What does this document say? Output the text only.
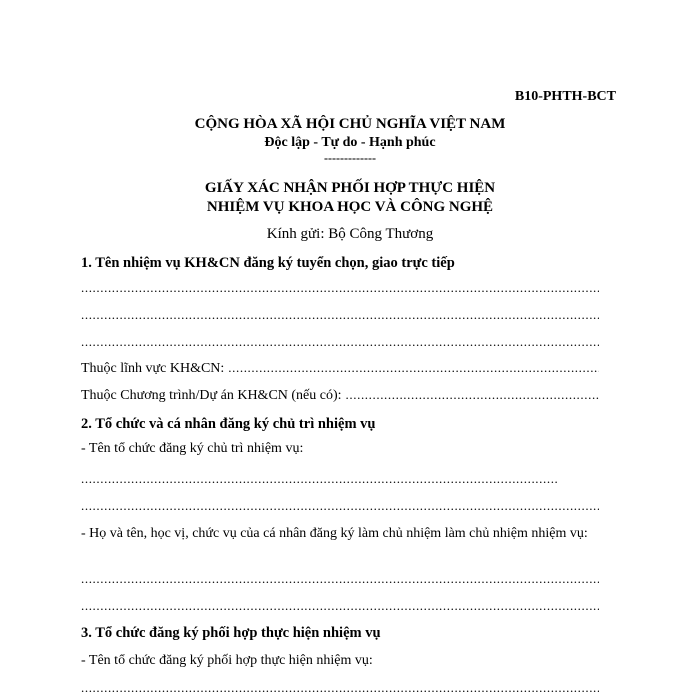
B10-PHTH-BCT
CỘNG HÒA XÃ HỘI CHỦ NGHĨA VIỆT NAM
Độc lập - Tự do - Hạnh phúc
-------------
GIẤY XÁC NHẬN PHỐI HỢP THỰC HIỆN
NHIỆM VỤ KHOA HỌC VÀ CÔNG NGHỆ
Kính gửi: Bộ Công Thương
1. Tên nhiệm vụ KH&CN đăng ký tuyển chọn, giao trực tiếp
.....
.....
.....
Thuộc lĩnh vực KH&CN:
.....
Thuộc Chương trình/Dự án KH&CN (nếu có):
.....
2. Tổ chức và cá nhân đăng ký chủ trì nhiệm vụ
- Tên tổ chức đăng ký chủ trì nhiệm vụ:
.....
.....
- Họ và tên, học vị, chức vụ của cá nhân đăng ký làm chủ nhiệm làm chủ nhiệm nhiệm vụ:
.....
.....
3. Tổ chức đăng ký phối hợp thực hiện nhiệm vụ
- Tên tổ chức đăng ký phối hợp thực hiện nhiệm vụ:
.....
